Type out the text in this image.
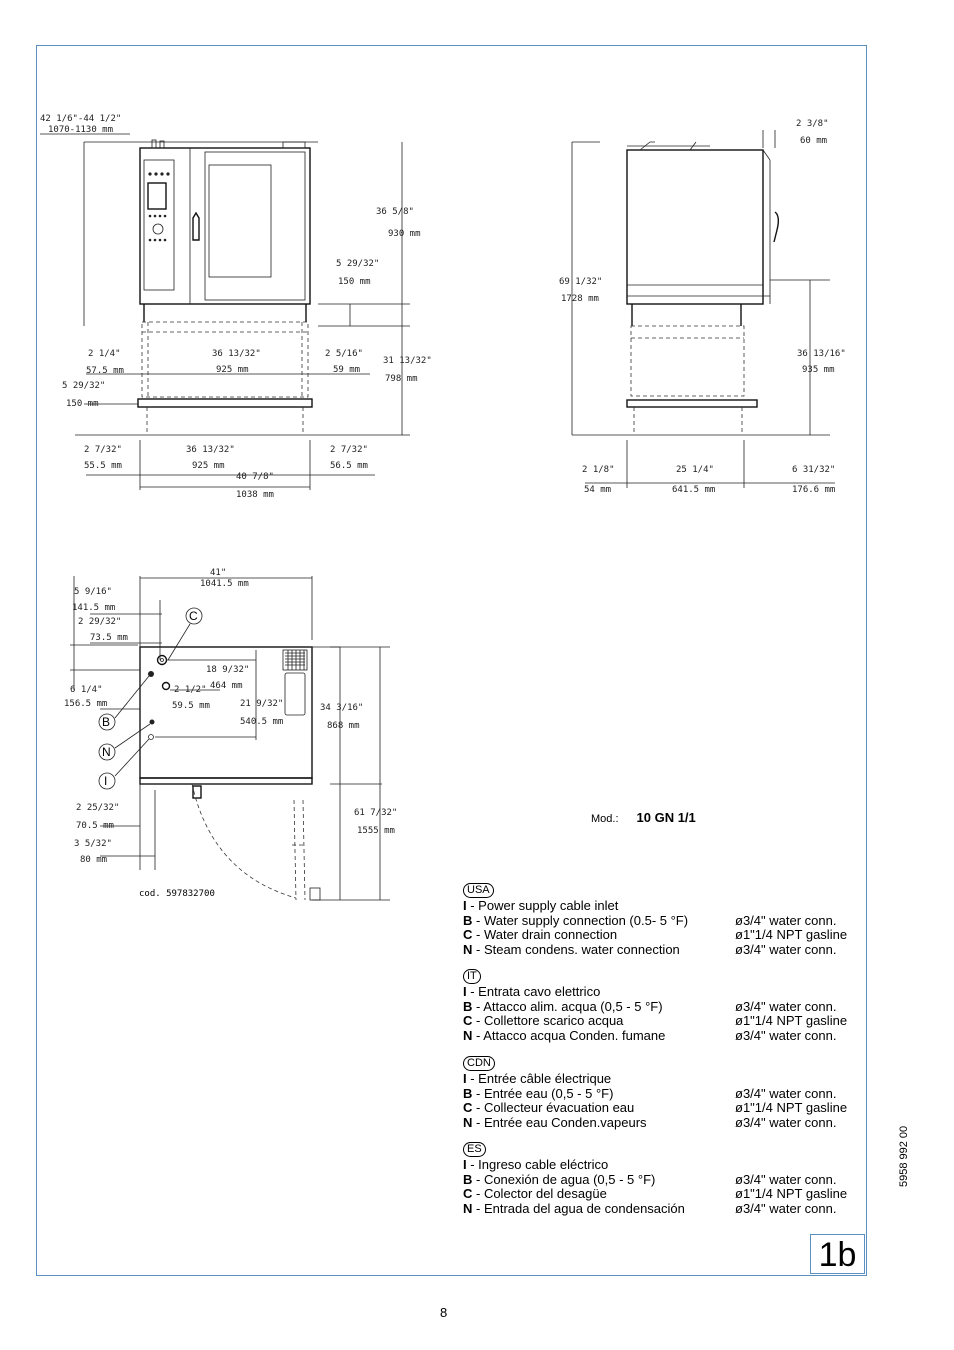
42 1/6"-44 1/2"
1070-1130 mm
36 5/8"
930 mm
5 29/32"
150 mm
31 13/32"
798 mm
2 1/4"
57.5 mm
36 13/32"
925 mm
2 5/16"
59 mm
5 29/32"
150 mm
2 7/32"
55.5 mm
36 13/32"
925 mm
2 7/32"
56.5 mm
40 7/8"
1038 mm
2 3/8"
60 mm
69 1/32"
1728 mm
36 13/16"
935 mm
2 1/8"
54 mm
25 1/4"
641.5 mm
6 31/32"
176.6 mm
C
B
N
I
41"
1041.5 mm
5 9/16"
141.5 mm
2 29/32"
73.5 mm
18 9/32"
464 mm
2 1/2"
59.5 mm	21 9/32"
540.5 mm
6 1/4"
156.5 mm	34 3/16"
868 mm
2 25/32"
70.5 mm
3 5/32"
80 mm
61 7/32"
1555 mm
cod. 597832700
Mod.: 10 GN 1/1
USA
I - Power supply cable inlet
B - Water supply connection (0.5- 5 °F)	ø3/4" water conn.
C - Water drain connection	ø1"1/4 NPT gasline
N - Steam condens. water connection	ø3/4" water conn.
IT
I - Entrata cavo elettrico
B - Attacco alim. acqua (0,5 - 5 °F)	ø3/4" water conn.
C - Collettore scarico acqua	ø1"1/4 NPT gasline
N - Attacco acqua Conden. fumane	ø3/4" water conn.
CDN
I - Entrée câble électrique
B - Entrée eau (0,5 - 5 °F)	ø3/4" water conn.
C - Collecteur évacuation eau	ø1"1/4 NPT gasline
N - Entrée eau Conden.vapeurs	ø3/4" water conn.
ES
I - Ingreso cable eléctrico
B - Conexión de agua (0,5 - 5 °F)	ø3/4" water conn.
C - Colector del desagüe	ø1"1/4 NPT gasline
N - Entrada del agua de condensación	ø3/4" water conn.
1b
5958 992 00
8
